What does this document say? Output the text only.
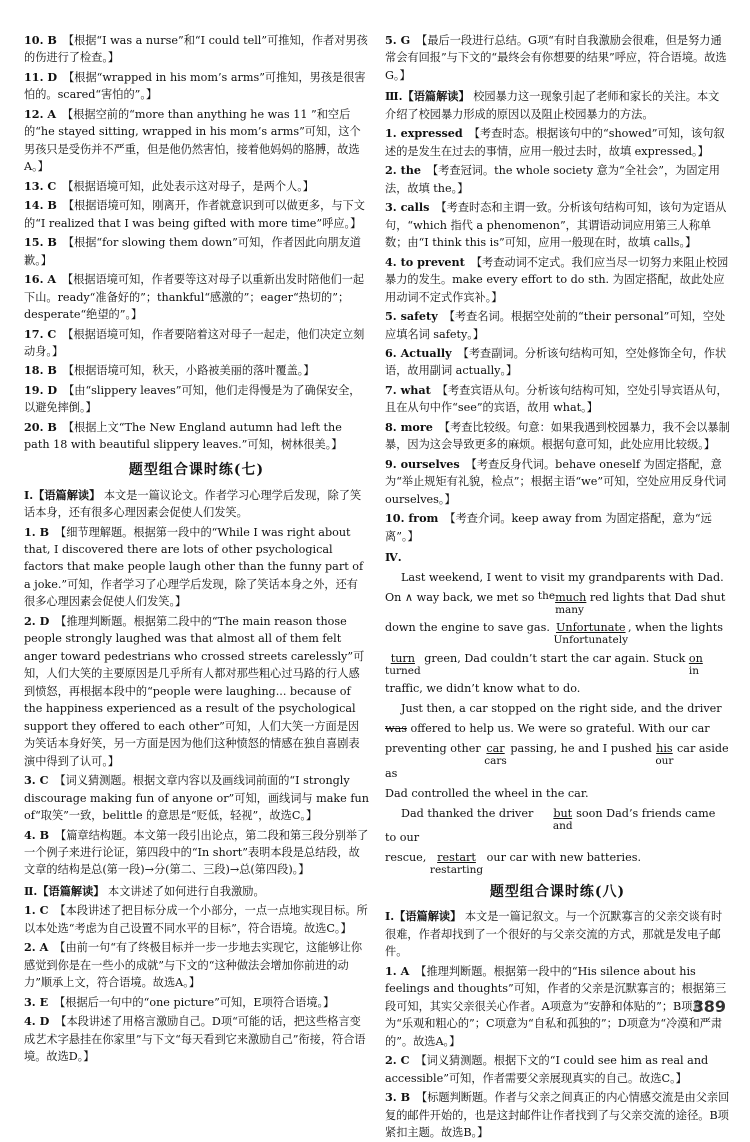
10. B 【根据“I was a nurse”和“I could tell”可推知，作者对男孩的伤进行了检查。】
11. D 【根据“wrapped in his mom’s arms”可推知，男孩是很害怕的。scared“害怕的”。】
12. A 【根据空前的“more than anything he was 11 ”和空后的“he stayed sitting, wrapped in his mom’s arms”可知，这个男孩只是受伤并不严重，但是他仍然害怕，接着他妈妈的胳膊，故选A。】
13. C 【根据语境可知，此处表示这对母子，是两个人。】
14. B 【根据语境可知，刚离开，作者就意识到可以做更多，与下文的“I realized that I was being gifted with more time”呼应。】
15. B 【根据“for slowing them down”可知，作者因此向朋友道歉。】
16. A 【根据语境可知，作者要等这对母子以重新出发时陪他们一起下山。ready“准备好的”；thankful“感激的”；eager“热切的”；desperate“绝望的”。】
17. C 【根据语境可知，作者要陪着这对母子一起走，他们决定立刻动身。】
18. B 【根据语境可知，秋天，小路被美丽的落叶覆盖。】
19. D 【由“slippery leaves”可知，他们走得慢是为了确保安全，以避免摔倒。】
20. B 【根据上文“The New England autumn had left the path 18 with beautiful slippery leaves.”可知，树林很美。】
题型组合课时练(七)
Ⅰ.【语篇解读】 本文是一篇议论文。作者学习心理学后发现，除了笑话本身，还有很多心理因素会促使人们发笑。
1. B 【细节理解题。根据第一段中的“While I was right about that, I discovered there are lots of other psychological factors that make people laugh other than the funny part of a joke.”可知，作者学习了心理学后发现，除了笑话本身之外，还有很多心理因素会促使人们发笑。】
2. D 【推理判断题。根据第二段中的“The main reason those people strongly laughed was that almost all of them felt anger toward pedestrians who crossed streets carelessly”可知，人们大笑的主要原因是几乎所有人都对那些粗心过马路的行人感到愤怒，再根据本段中的“people were laughing... because of the happiness experienced as a result of the psychological support they offered to each other”可知，人们大笑一方面是因为笑话本身好笑，另一方面是因为他们这种愤怒的情感在独自喜剧表演中得到了认可。】
3. C 【词义猜测题。根据文章内容以及画线词前面的“I strongly discourage making fun of anyone or”可知，画线词与 make fun of“取笑”一致，belittle 的意思是“贬低，轻视”，故选C。】
4. B 【篇章结构题。本文第一段引出论点，第二段和第三段分别举了一个例子来进行论证，第四段中的“In short”表明本段是总结段，故文章的结构是总(第一段)→分(第二、三段)→总(第四段)。】
Ⅱ.【语篇解读】 本文讲述了如何进行自我激励。
1. C 【本段讲述了把目标分成一个小部分，一点一点地实现目标。所以本处选“考虑为自己设置不同水平的目标”，符合语境。故选C。】
2. A 【由前一句“有了终极目标并一步一步地去实现它，这能够让你感觉到你是在一些小的成就”与下文的“这种做法会增加你前进的动力”顺承上文，符合语境。故选A。】
3. E 【根据后一句中的“one picture”可知，E项符合语境。】
4. D 【本段讲述了用格言激励自己。D项“可能的话，把这些格言变成艺术字悬挂在你家里”与下文“每天看到它来激励自己”衔接，符合语境。故选D。】
5. G 【最后一段进行总结。G项“有时自我激励会很难，但是努力通常会有回报”与下文的“最终会有你想要的结果”呼应，符合语境。故选G。】
Ⅲ.【语篇解读】 校园暴力这一现象引起了老师和家长的关注。本文介绍了校园暴力形成的原因以及阻止校园暴力的方法。
1. expressed 【考查时态。根据该句中的“showed”可知，该句叙述的是发生在过去的事情，应用一般过去时，故填 expressed。】
2. the 【考查冠词。the whole society 意为“全社会”，为固定用法，故填 the。】
3. calls 【考查时态和主谓一致。分析该句结构可知，该句为定语从句，“which 指代 a phenomenon”，其谓语动词应用第三人称单数；由“I think this is”可知，应用一般现在时，故填 calls。】
4. to prevent 【考查动词不定式。我们应当尽一切努力来阻止校园暴力的发生。make every effort to do sth. 为固定搭配，故此处应用动词不定式作宾补。】
5. safety 【考查名词。根据空处前的“their personal”可知，空处应填名词 safety。】
6. Actually 【考查副词。分析该句结构可知，空处修饰全句，作状语，故用副词 actually。】
7. what 【考查宾语从句。分析该句结构可知，空处引导宾语从句，且在从句中作“see”的宾语，故用 what。】
8. more 【考查比较级。句意：如果我遇到校园暴力，我不会以暴制暴，因为这会导致更多的麻烦。根据句意可知，此处应用比较级。】
9. ourselves 【考查反身代词。behave oneself 为固定搭配，意为“举止规矩有礼貌，检点”；根据主语“we”可知，空处应用反身代词 ourselves。】
10. from 【考查介词。keep away from 为固定搭配，意为“远离”。】
Ⅳ.
Last weekend, I went to visit my grandparents with Dad.
On ∧ way back, we met so the much
many
red lights that Dad shut
down the engine to save gas. Unfortunate
Unfortunately
, when the lights
turn
turned
green, Dad couldn’t start the car again. Stuck $\frac{on}{in}$
traffic, we didn’t know what to do.
Just then, a car stopped on the right side, and the driver
was
offered to help us. We were so grateful. With our car
preventing other car
cars
passing, he and I pushed his
our
car aside as
Dad controlled the wheel in the car.
Dad thanked the driver but
and
soon Dad’s friends came to our
rescue, restart
restarting
our car with new batteries.
题型组合课时练(八)
Ⅰ.【语篇解读】 本文是一篇记叙文。与一个沉默寡言的父亲交谈有时很难，作者却找到了一个很好的与父亲交流的方式，那就是发电子邮件。
1. A 【推理判断题。根据第一段中的“His silence about his feelings and thoughts”可知，作者的父亲是沉默寡言的；根据第三段可知，其实父亲很关心作者。A项意为“安静和体贴的”；B项意为“乐观和粗心的”；C项意为“自私和孤独的”；D项意为“冷漠和严肃的”。故选A。】
2. C 【词义猜测题。根据下文的“I could see him as real and accessible”可知，作者需要父亲展现真实的自己。故选C。】
3. B 【标题判断题。作者与父亲之间真正的内心情感交流是由父亲回复的邮件开始的，也是这封邮件让作者找到了与父亲交流的途径。B项紧扣主题。故选B。】
389
